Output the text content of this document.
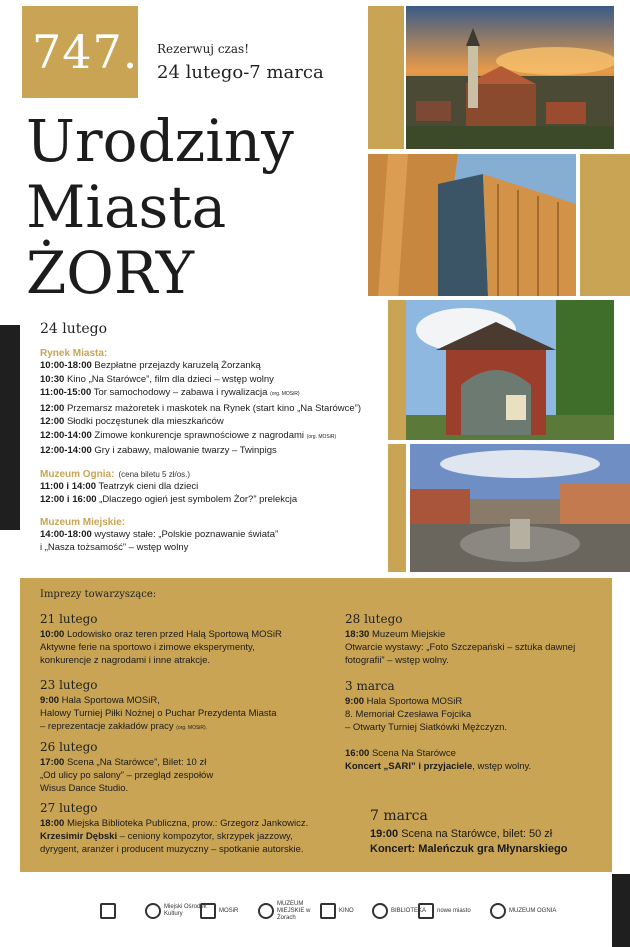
747. Rezerwuj czas!
24 lutego-7 marca
Urodziny
Miasta
ŻORY
24 lutego
Rynek Miasta:
10:00-18:00 Bezpłatne przejazdy karuzelą Żorzanką
10:30 Kino „Na Starówce”, film dla dzieci – wstęp wolny
11:00-15:00 Tor samochodowy – zabawa i rywalizacja (org. MOSiR)
12:00 Przemarsz mażoretek i maskotek na Rynek (start kino „Na Starówce”)
12:00 Słodki poczęstunek dla mieszkańców
12:00-14:00 Zimowe konkurencje sprawnościowe z nagrodami (org. MOSiR)
12:00-14:00 Gry i zabawy, malowanie twarzy – Twinpigs
Muzeum Ognia: (cena biletu 5 zł/os.)
11:00 i 14:00 Teatrzyk cieni dla dzieci
12:00 i 16:00 „Dlaczego ogień jest symbolem Żor?” prelekcja
Muzeum Miejskie:
14:00-18:00 wystawy stałe: „Polskie poznawanie świata”
i „Nasza tożsamość” – wstęp wolny
Imprezy towarzyszące:
21 lutego
10:00 Lodowisko oraz teren przed Halą Sportową MOSiR
Aktywne ferie na sportowo i zimowe eksperymenty,
konkurencje z nagrodami i inne atrakcje.
23 lutego
9:00 Hala Sportowa MOSiR,
Halowy Turniej Piłki Nożnej o Puchar Prezydenta Miasta
– reprezentacje zakładów pracy (org. MOSiR).
26 lutego
17:00 Scena „Na Starówce”, Bilet: 10 zł
„Od ulicy po salony” – przegląd zespołów
Wisus Dance Studio.
27 lutego
18:00 Miejska Biblioteka Publiczna, prow.: Grzegorz Jankowicz.
Krzesimir Dębski – ceniony kompozytor, skrzypek jazzowy,
dyrygent, aranżer i producent muzyczny – spotkanie autorskie.
28 lutego
18:30 Muzeum Miejskie
Otwarcie wystawy: „Foto Szczepański – sztuka dawnej
fotografii” – wstęp wolny.
3 marca
9:00 Hala Sportowa MOSiR
8. Memoriał Czesława Fojcika
– Otwarty Turniej Siatkówki Mężczyzn.
16:00 Scena Na Starówce
Koncert „SARI” i przyjaciele, wstęp wolny.
7 marca
19:00 Scena na Starówce, bilet: 50 zł
Koncert: Maleńczuk gra Młynarskiego
Miejski Ośrodek Kultury
MOSiR
MUZEUM MIEJSKIE w Żorach
KINO	BIBLIOTEKA nowe miasto	MUZEUM OGNIA
